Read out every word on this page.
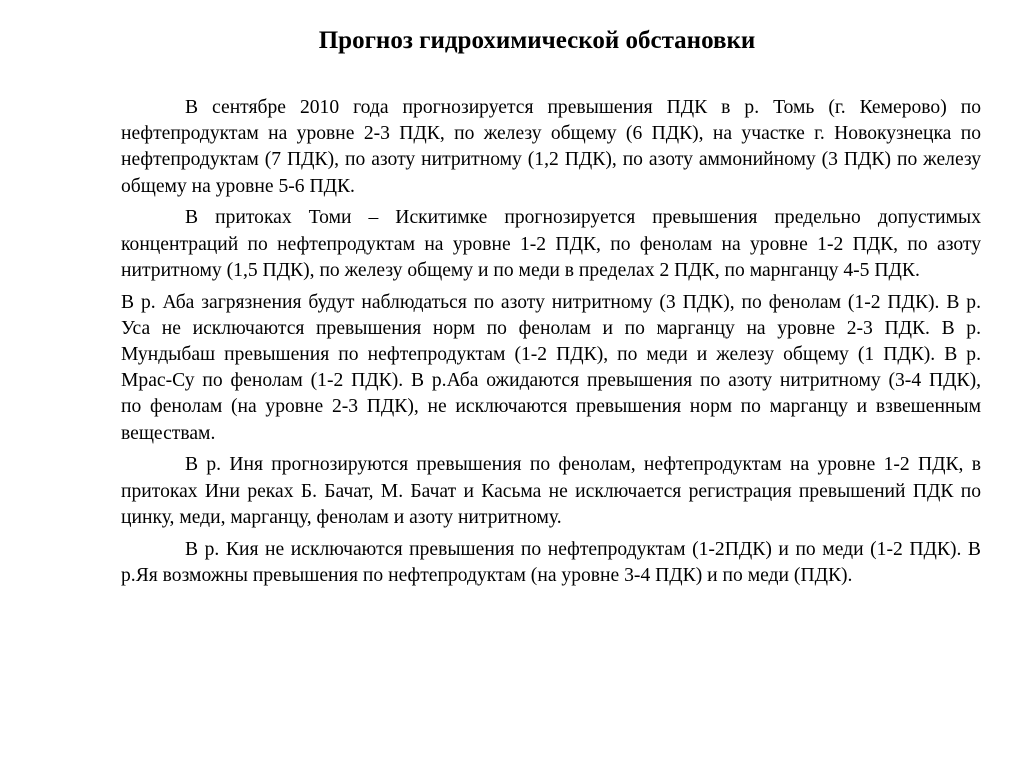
Прогноз гидрохимической обстановки
В сентябре 2010 года прогнозируется превышения ПДК в р. Томь (г. Кемерово) по
нефтепродуктам на уровне 2-3 ПДК, по железу общему (6 ПДК), на участке г. Новокузнецка по
нефтепродуктам (7 ПДК), по азоту нитритному (1,2 ПДК), по азоту аммонийному (3 ПДК) по железу
общему на уровне 5-6 ПДК.
В притоках Томи – Искитимке прогнозируется превышения предельно допустимых
концентраций по нефтепродуктам на уровне 1-2 ПДК, по фенолам на уровне 1-2 ПДК, по азоту
нитритному (1,5 ПДК), по железу общему и по меди в пределах 2 ПДК, по марнганцу 4-5 ПДК.
В р. Аба загрязнения будут наблюдаться по азоту нитритному (3 ПДК), по фенолам (1-2 ПДК). В р.
Уса не исключаются превышения норм по фенолам и по марганцу на уровне 2-3 ПДК. В р.
Мундыбаш превышения по нефтепродуктам (1-2 ПДК), по меди и железу общему (1 ПДК). В р.
Мрас-Су по фенолам (1-2 ПДК). В р.Аба ожидаются превышения по азоту нитритному (3-4 ПДК),
по фенолам (на уровне 2-3 ПДК), не исключаются превышения норм по марганцу и взвешенным
веществам.
В р. Иня прогнозируются превышения по фенолам, нефтепродуктам на уровне 1-2 ПДК, в
притоках Ини реках Б. Бачат, М. Бачат и Касьма не исключается регистрация превышений ПДК по
цинку, меди, марганцу, фенолам и азоту нитритному.
В р. Кия не исключаются превышения по нефтепродуктам (1-2ПДК) и по меди (1-2 ПДК). В
р.Яя возможны превышения по нефтепродуктам (на уровне 3-4 ПДК) и по меди (ПДК).
